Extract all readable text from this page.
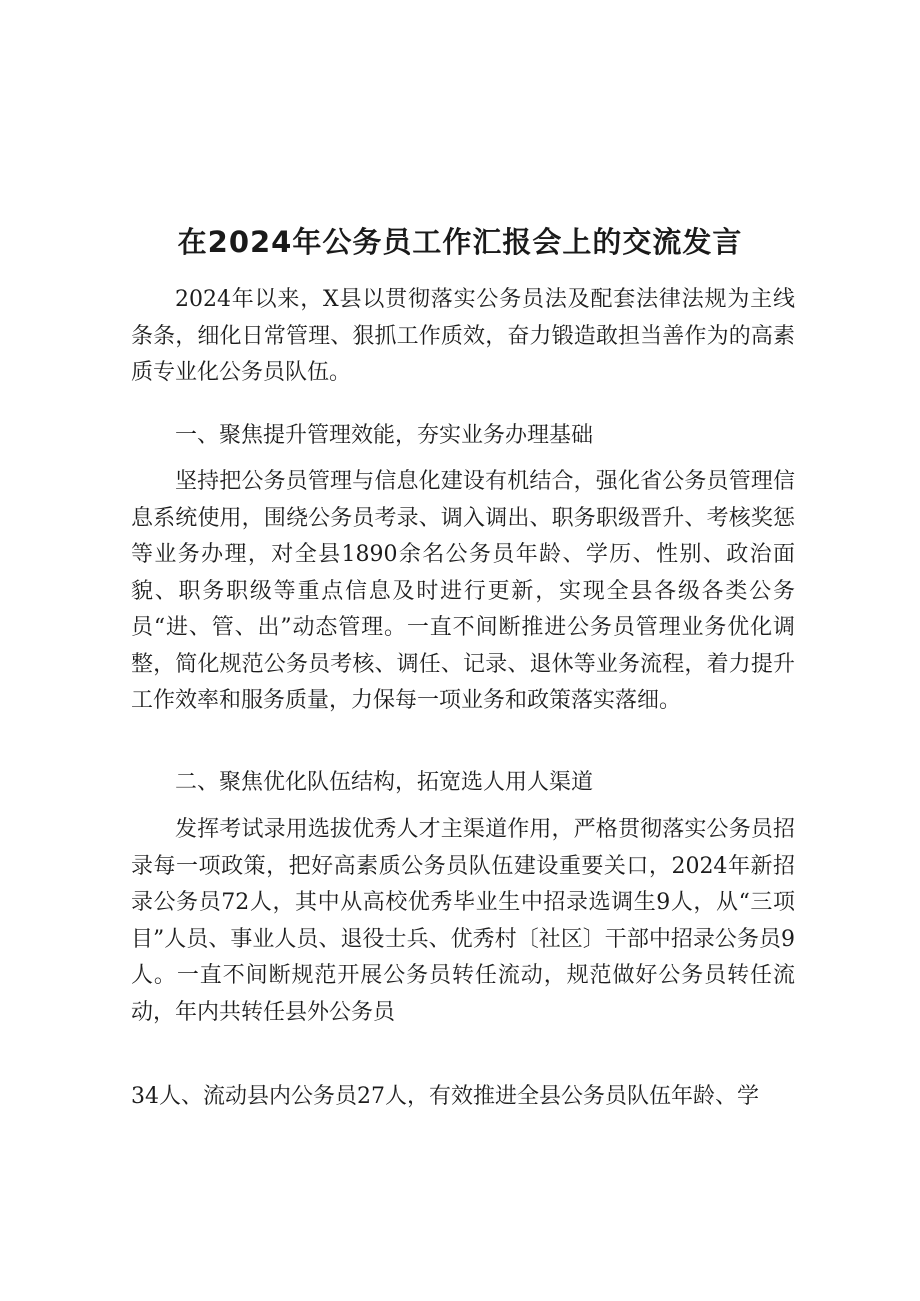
在2024年公务员工作汇报会上的交流发言
2024年以来，X县以贯彻落实公务员法及配套法律法规为主线条条，细化日常管理、狠抓工作质效，奋力锻造敢担当善作为的高素质专业化公务员队伍。
一、聚焦提升管理效能，夯实业务办理基础
坚持把公务员管理与信息化建设有机结合，强化省公务员管理信息系统使用，围绕公务员考录、调入调出、职务职级晋升、考核奖惩等业务办理，对全县1890余名公务员年龄、学历、性别、政治面貌、职务职级等重点信息及时进行更新，实现全县各级各类公务员“进、管、出”动态管理。一直不间断推进公务员管理业务优化调整，简化规范公务员考核、调任、记录、退休等业务流程，着力提升工作效率和服务质量，力保每一项业务和政策落实落细。
二、聚焦优化队伍结构，拓宽选人用人渠道
发挥考试录用选拔优秀人才主渠道作用，严格贯彻落实公务员招录每一项政策，把好高素质公务员队伍建设重要关口，2024年新招录公务员72人，其中从高校优秀毕业生中招录选调生9人，从“三项目”人员、事业人员、退役士兵、优秀村〔社区〕干部中招录公务员9人。一直不间断规范开展公务员转任流动，规范做好公务员转任流动，年内共转任县外公务员
34人、流动县内公务员27人，有效推进全县公务员队伍年龄、学
